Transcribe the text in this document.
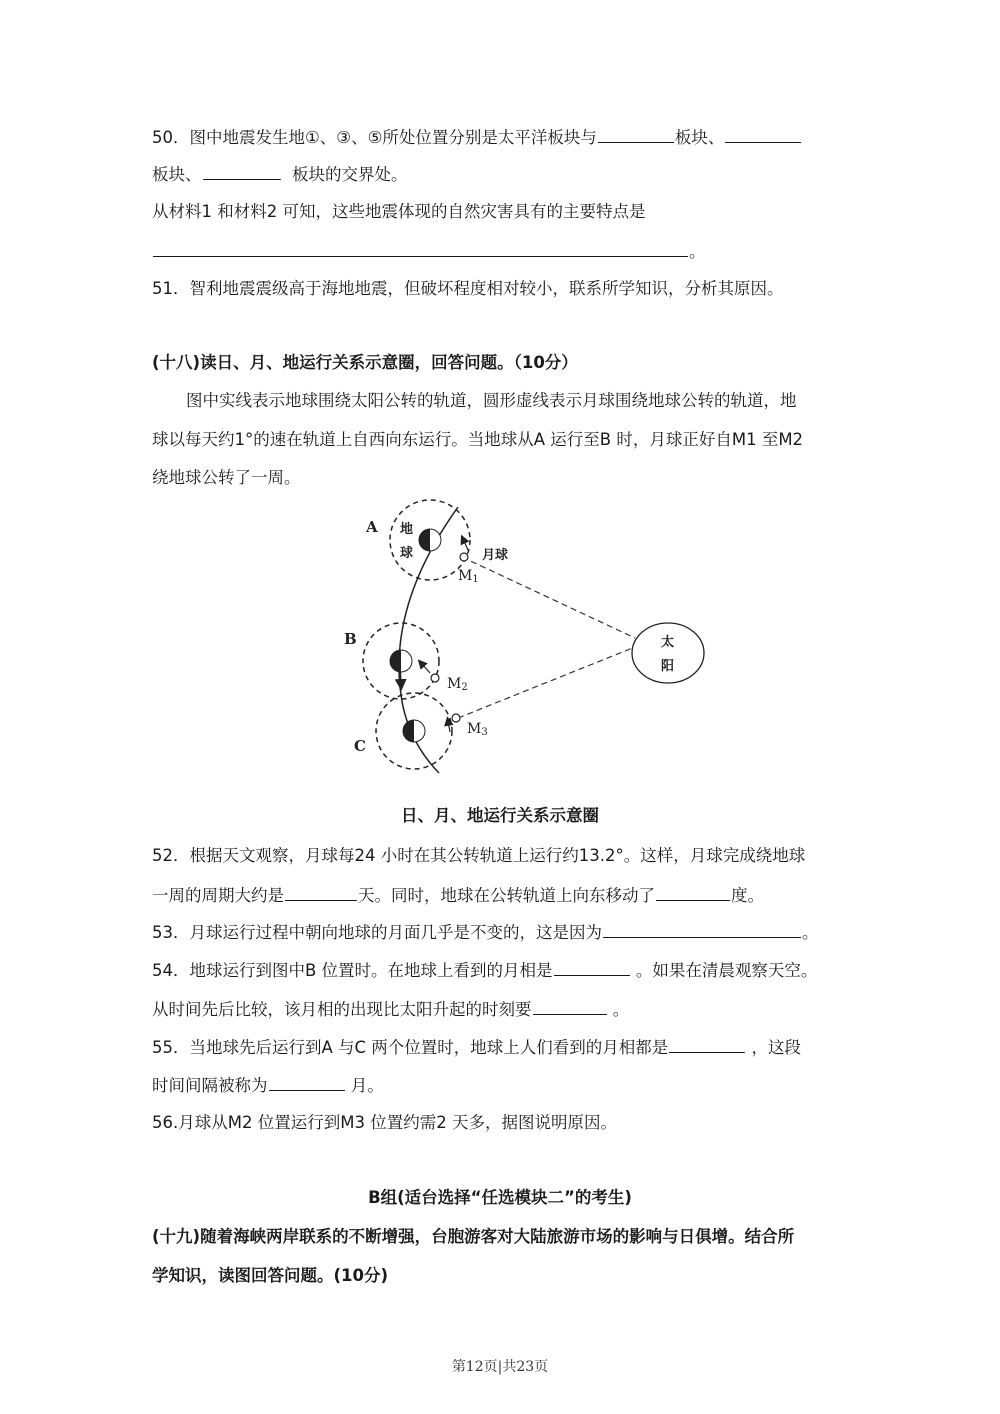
50．图中地震发生地①、③、⑤所处位置分别是太平洋板块与	板块、
板块、	板块的交界处。
从材料1 和材料2 可知，这些地震体现的自然灾害具有的主要特点是
。
51．智利地震震级高于海地地震，但破坏程度相对较小，联系所学知识，分析其原因。
(十八)读日、月、地运行关系示意圈，回答问题。（10分）
图中实线表示地球围绕太阳公转的轨道，圆形虚线表示月球围绕地球公转的轨道，地
球以每天约1°的速在轨道上自西向东运行。当地球从A 运行至B 时，月球正好自M1 至M2
绕地球公转了一周。
A 地
球	月球
M1
B
M2
C
M3
太
阳
日、月、地运行关系示意圈
52．根据天文观察，月球每24 小时在其公转轨道上运行约13.2°。这样，月球完成绕地球
一周的周期大约是	天。同时，地球在公转轨道上向东移动了	度。
53．月球运行过程中朝向地球的月面几乎是不变的，这是因为	。
54．地球运行到图中B 位置时。在地球上看到的月相是	。如果在清晨观察天空。
从时间先后比较，该月相的出现比太阳升起的时刻要	。
55．当地球先后运行到A 与C 两个位置时，地球上人们看到的月相都是	，这段
时间间隔被称为	月。
56.月球从M2 位置运行到M3 位置约需2 天多，据图说明原因。
B组(适台选择“任选模块二”的考生)
(十九)随着海峡两岸联系的不断增强，台胞游客对大陆旅游市场的影响与日俱增。结合所
学知识，读图回答问题。(10分)
第12页|共23页
